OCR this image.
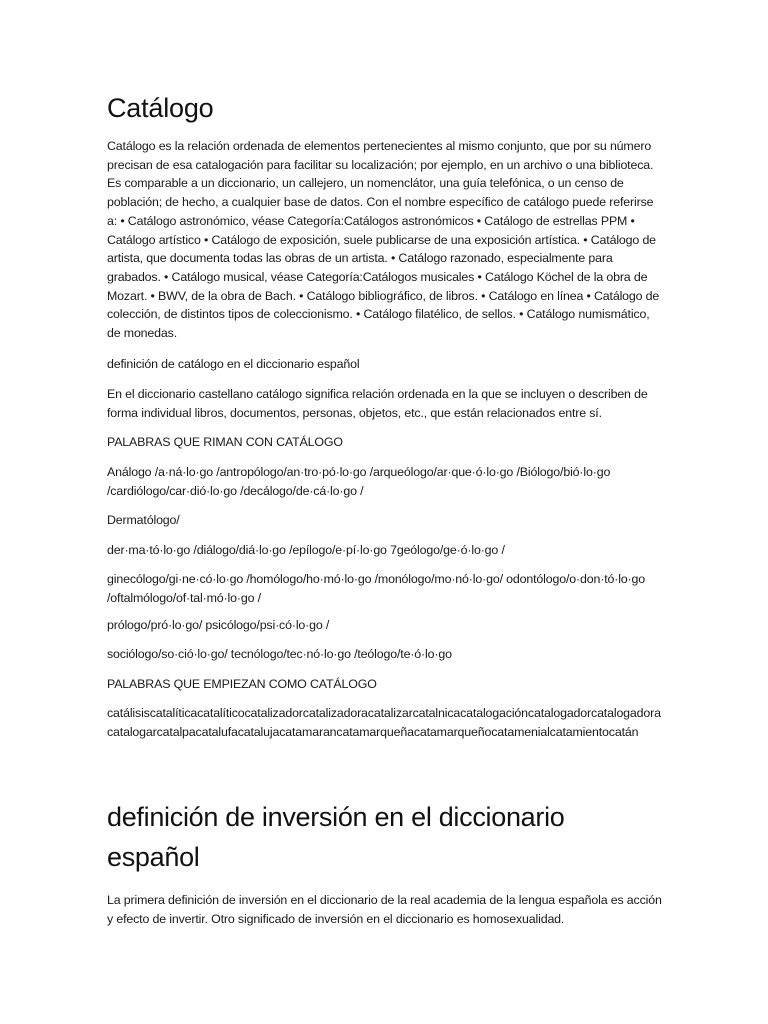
Catálogo

Catálogo es la relación ordenada de elementos pertenecientes al mismo conjunto, que por su número precisan de esa catalogación para facilitar su localización; por ejemplo, en un archivo o una biblioteca. Es comparable a un diccionario, un callejero, un nomenclátor, una guía telefónica, o un censo de población; de hecho, a cualquier base de datos. Con el nombre específico de catálogo puede referirse a: • Catálogo astronómico, véase Categoría:Catálogos astronómicos • Catálogo de estrellas PPM • Catálogo artístico • Catálogo de exposición, suele publicarse de una exposición artística. • Catálogo de artista, que documenta todas las obras de un artista. • Catálogo razonado, especialmente para grabados. • Catálogo musical, véase Categoría:Catálogos musicales • Catálogo Köchel de la obra de Mozart. • BWV, de la obra de Bach. • Catálogo bibliográfico, de libros. • Catálogo en línea • Catálogo de colección, de distintos tipos de coleccionismo. • Catálogo filatélico, de sellos. • Catálogo numismático, de monedas.

definición de catálogo en el diccionario español

En el diccionario castellano catálogo significa relación ordenada en la que se incluyen o describen de forma individual libros, documentos, personas, objetos, etc., que están relacionados entre sí.

PALABRAS QUE RIMAN CON CATÁLOGO

Análogo /a·ná·lo·go /antropólogo/an·tro·pó·lo·go /arqueólogo/ar·que·ó·lo·go /Biólogo/bió·lo·go /cardiólogo/car·dió·lo·go /decálogo/de·cá·lo·go /

Dermatólogo/

der·ma·tó·lo·go /diálogo/diá·lo·go /epílogo/e·pí·lo·go 7geólogo/ge·ó·lo·go /

ginecólogo/gi·ne·có·lo·go /homólogo/ho·mó·lo·go /monólogo/mo·nó·lo·go/ odontólogo/o·don·tó·lo·go /oftalmólogo/of·tal·mó·lo·go /

prólogo/pró·lo·go/ psicólogo/psi·có·lo·go /

sociólogo/so·ció·lo·go/ tecnólogo/tec·nó·lo·go /teólogo/te·ó·lo·go

PALABRAS QUE EMPIEZAN COMO CATÁLOGO

catálisiscatalíticacatalíticocatalizadorcatalizadoracatalizarcatalnicacatalogacióncatalogadorcatalogadoracatalogarcatalpacatalufacatalujacatamarancatamarqueñacatamarqueñocatamenialcatamientocatán

definición de inversión en el diccionario español

La primera definición de inversión en el diccionario de la real academia de la lengua española es acción y efecto de invertir. Otro significado de inversión en el diccionario es homosexualidad.
